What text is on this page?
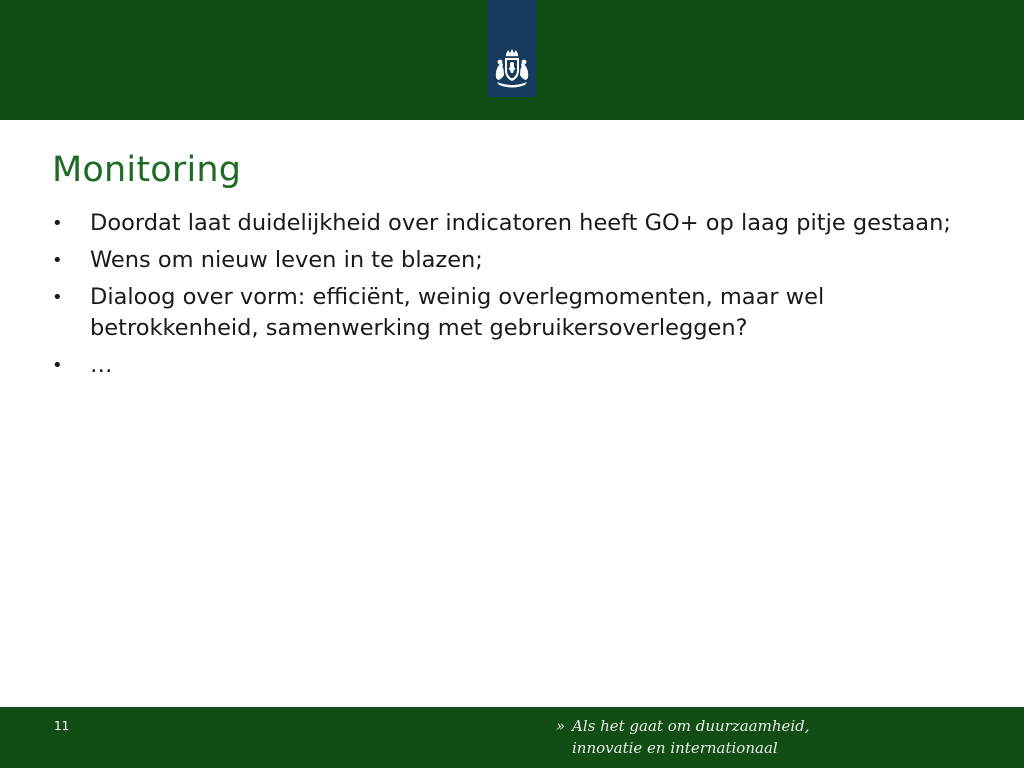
Monitoring
• Doordat laat duidelijkheid over indicatoren heeft GO+ op laag pitje gestaan;
• Wens om nieuw leven in te blazen;
• Dialoog over vorm: efficiënt, weinig overlegmomenten, maar wel betrokkenheid, samenwerking met gebruikersoverleggen?
• …
11	» Als het gaat om duurzaamheid,
innovatie en internationaal
